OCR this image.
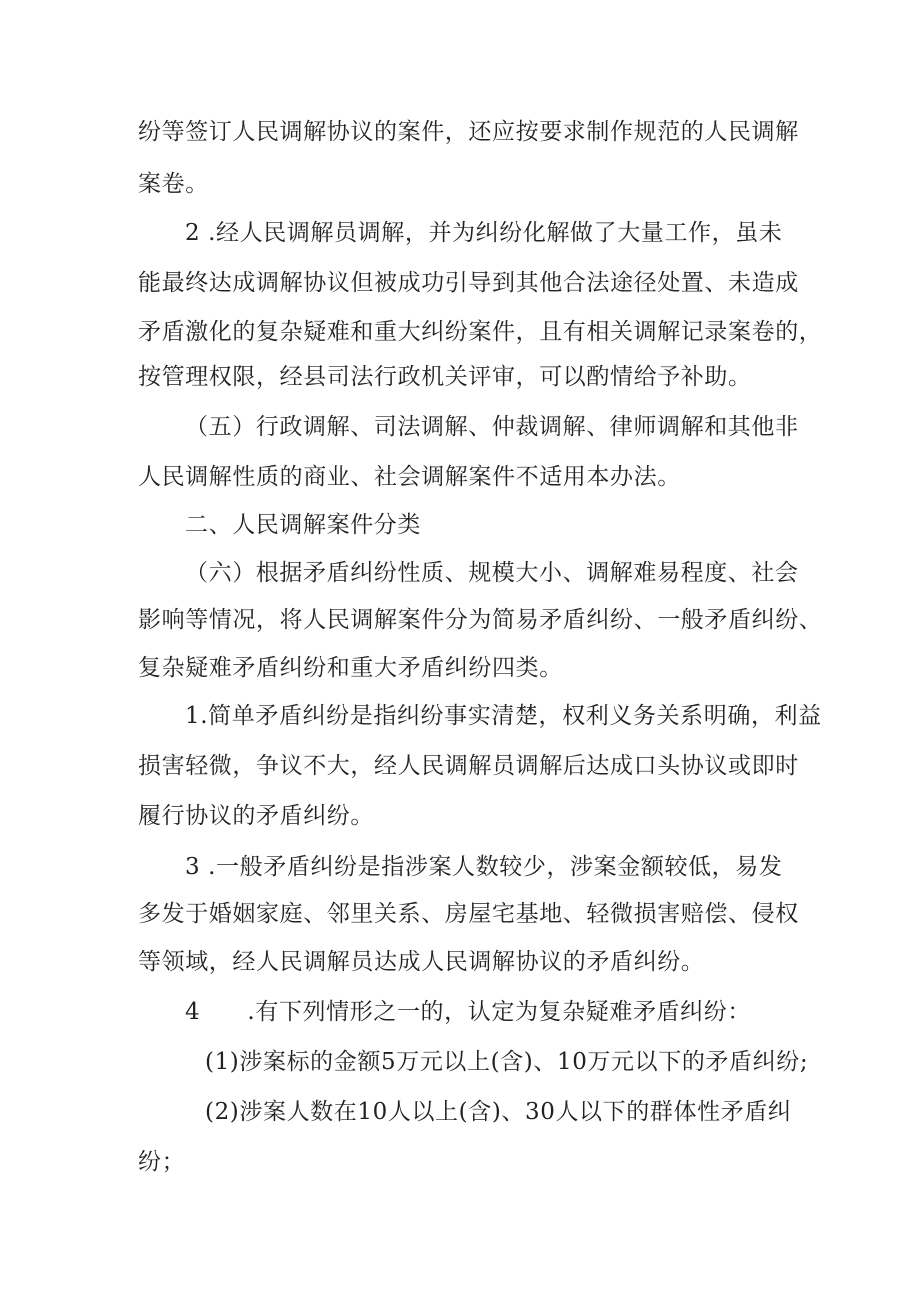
纷等签订人民调解协议的案件，还应按要求制作规范的人民调解
案卷。
2 .经人民调解员调解，并为纠纷化解做了大量工作，虽未
能最终达成调解协议但被成功引导到其他合法途径处置、未造成
矛盾激化的复杂疑难和重大纠纷案件，且有相关调解记录案卷的，
按管理权限，经县司法行政机关评审，可以酌情给予补助。
（五）行政调解、司法调解、仲裁调解、律师调解和其他非
人民调解性质的商业、社会调解案件不适用本办法。
二、人民调解案件分类
（六）根据矛盾纠纷性质、规模大小、调解难易程度、社会
影响等情况，将人民调解案件分为简易矛盾纠纷、一般矛盾纠纷、
复杂疑难矛盾纠纷和重大矛盾纠纷四类。
1.简单矛盾纠纷是指纠纷事实清楚，权利义务关系明确，利益
损害轻微，争议不大，经人民调解员调解后达成口头协议或即时
履行协议的矛盾纠纷。
3 .一般矛盾纠纷是指涉案人数较少，涉案金额较低，易发
多发于婚姻家庭、邻里关系、房屋宅基地、轻微损害赔偿、侵权
等领域，经人民调解员达成人民调解协议的矛盾纠纷。
4　　.有下列情形之一的，认定为复杂疑难矛盾纠纷：
(1)涉案标的金额5万元以上(含)、10万元以下的矛盾纠纷;
(2)涉案人数在10人以上(含)、30人以下的群体性矛盾纠
纷；
